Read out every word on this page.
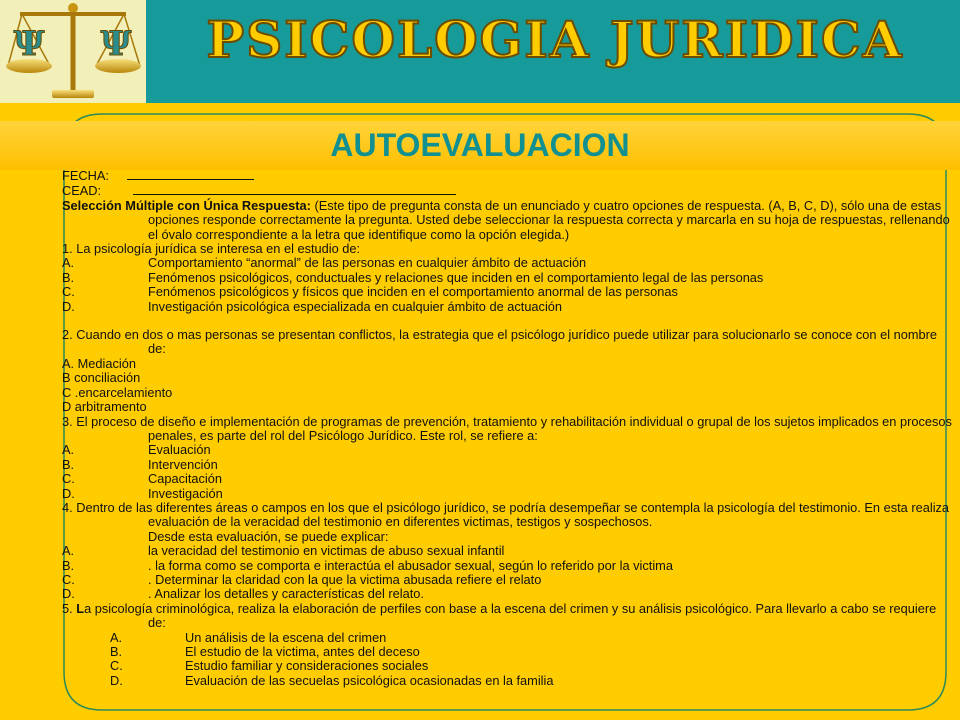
Ψ Ψ	PSICOLOGIA JURIDICA
AUTOEVALUACION
FECHA:
CEAD:
Selección Múltiple con Única Respuesta: (Este tipo de pregunta consta de un enunciado y cuatro opciones de respuesta. (A, B, C, D), sólo una de estas opciones responde correctamente la pregunta. Usted debe seleccionar la respuesta correcta y marcarla en su hoja de respuestas, rellenando el óvalo correspondiente a la letra que identifique como la opción elegida.)
1. La psicología jurídica se interesa en el estudio de:
A.	Comportamiento “anormal” de las personas en cualquier ámbito de actuación
B.	Fenómenos psicológicos, conductuales y relaciones que inciden en el comportamiento legal de las personas
C.	Fenómenos psicológicos y físicos que inciden en el comportamiento anormal de las personas
D.	Investigación psicológica especializada en cualquier ámbito de actuación
2. Cuando en dos o mas personas se presentan conflictos, la estrategia que el psicólogo jurídico puede utilizar para solucionarlo se conoce con el nombre de:
A. Mediación
B conciliación
C .encarcelamiento
D arbitramento
3. El proceso de diseño e implementación de programas de prevención, tratamiento y rehabilitación individual o grupal de los sujetos implicados en procesos penales, es parte del rol del Psicólogo Jurídico. Este rol, se refiere a:
A.	Evaluación
B.	Intervención
C.	Capacitación
D.	Investigación
4. Dentro de las diferentes áreas o campos en los que el psicólogo jurídico, se podría desempeñar se contempla la psicología del testimonio. En esta realiza evaluación de la veracidad del testimonio en diferentes victimas, testigos y sospechosos.
Desde esta evaluación, se puede explicar:
A.	la veracidad del testimonio en victimas de abuso sexual infantil
B.	. la forma como se comporta e interactúa el abusador sexual, según lo referido por la victima
C.	. Determinar la claridad con la que la victima abusada refiere el relato
D.	. Analizar los detalles y características del relato.
5. La psicología criminológica, realiza la elaboración de perfiles con base a la escena del crimen y su análisis psicológico. Para llevarlo a cabo se requiere de:
A.	Un análisis de la escena del crimen
B.	El estudio de la victima, antes del deceso
C.	Estudio familiar y consideraciones sociales
D.	Evaluación de las secuelas psicológica ocasionadas en la familia
